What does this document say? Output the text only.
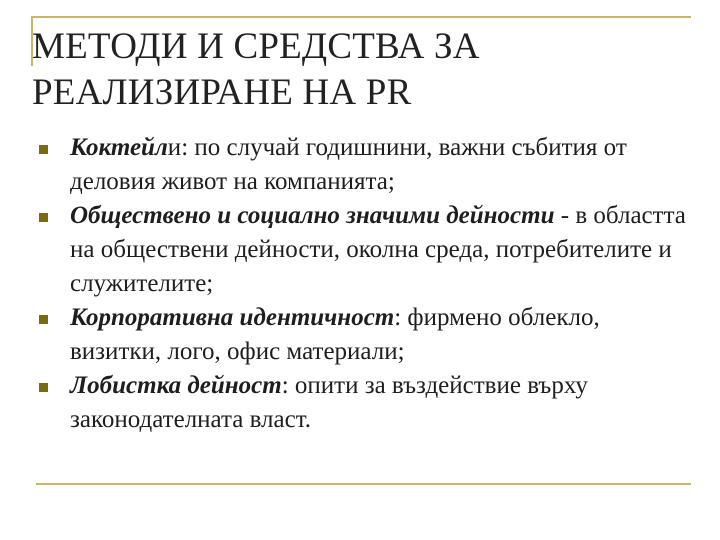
МЕТОДИ И СРЕДСТВА ЗА
РЕАЛИЗИРАНЕ НА PR
Коктейли: по случай годишнини, важни събития от деловия живот на компанията;
Обществено и социално значими дейности - в областта на обществени дейности, околна среда, потребителите и служителите;
Корпоративна идентичност: фирмено облекло, визитки, лого, офис материали;
Лобистка дейност: опити за въздействие върху законодателната власт.
